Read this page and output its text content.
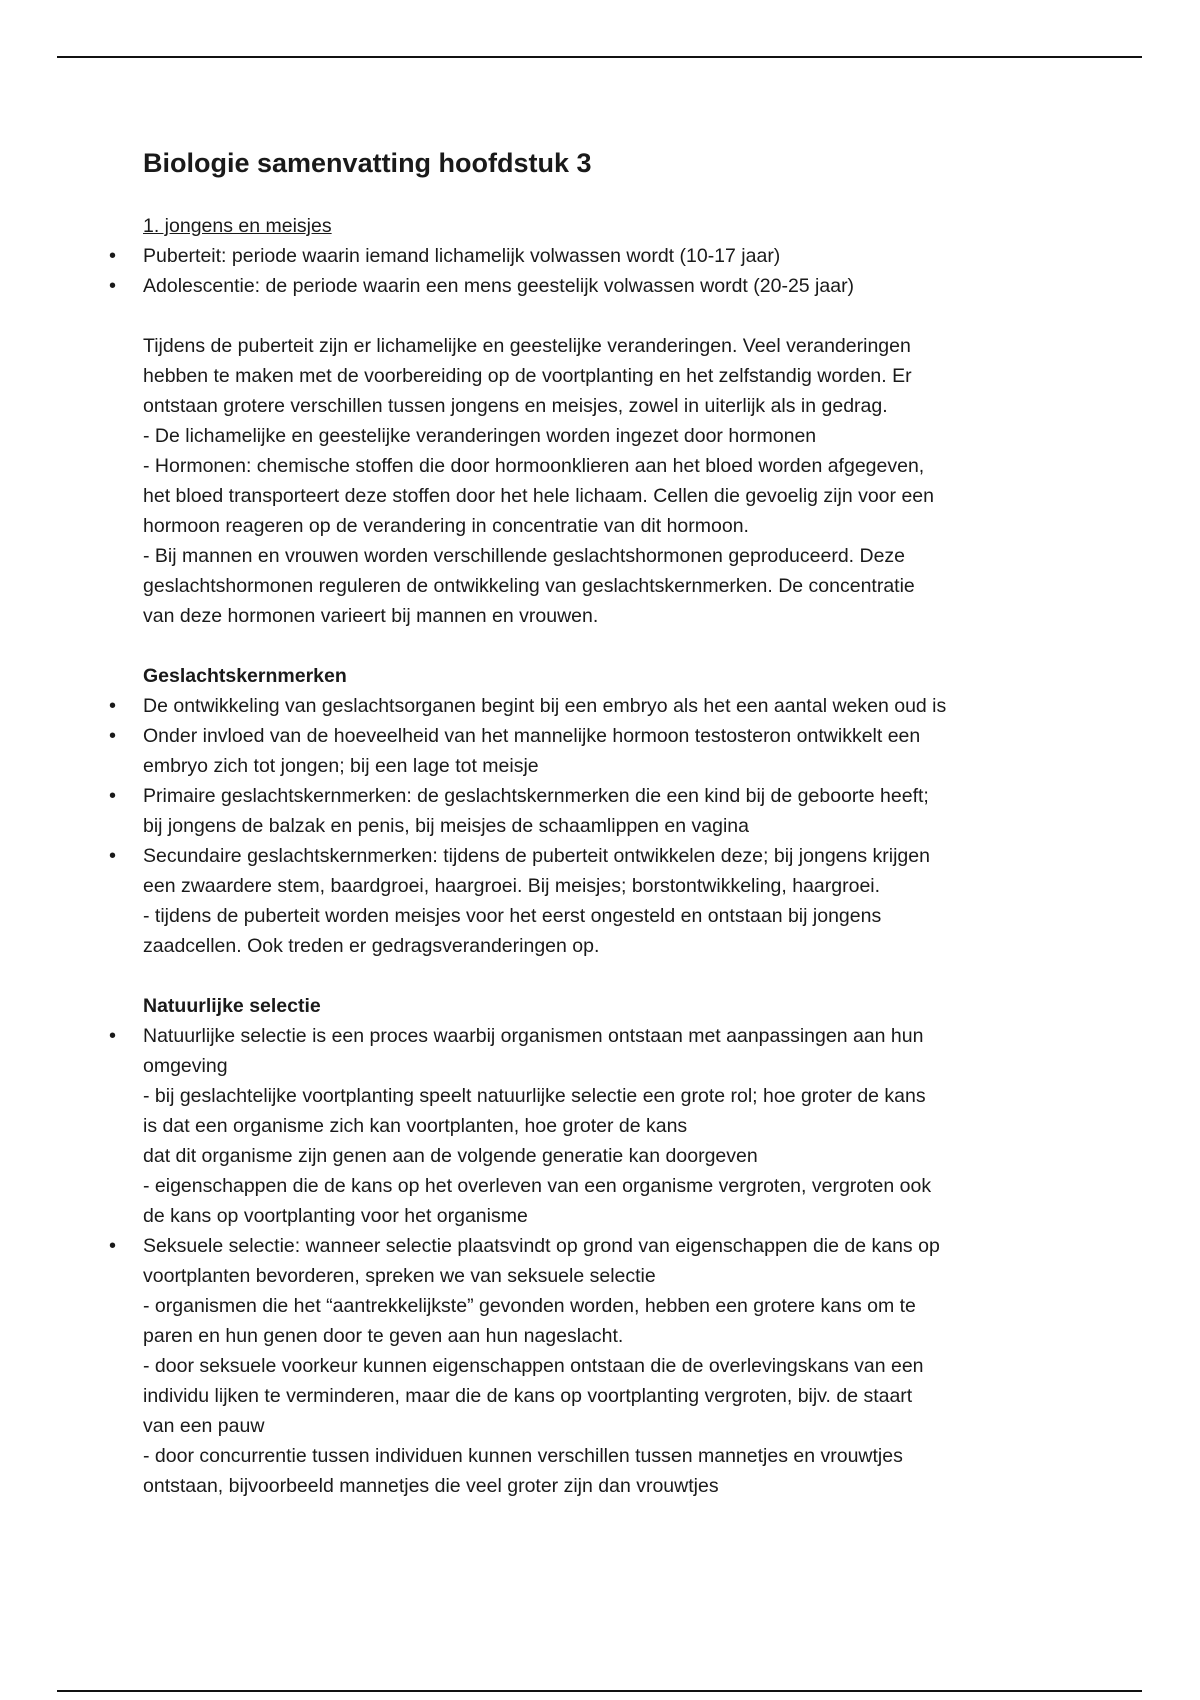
Biologie samenvatting hoofdstuk 3

1. jongens en meisjes

• Puberteit: periode waarin iemand lichamelijk volwassen wordt (10-17 jaar)
• Adolescentie: de periode waarin een mens geestelijk volwassen wordt (20-25 jaar)

Tijdens de puberteit zijn er lichamelijke en geestelijke veranderingen. Veel veranderingen
hebben te maken met de voorbereiding op de voortplanting en het zelfstandig worden. Er
ontstaan grotere verschillen tussen jongens en meisjes, zowel in uiterlijk als in gedrag.
- De lichamelijke en geestelijke veranderingen worden ingezet door hormonen
- Hormonen: chemische stoffen die door hormoonklieren aan het bloed worden afgegeven,
het bloed transporteert deze stoffen door het hele lichaam. Cellen die gevoelig zijn voor een
hormoon reageren op de verandering in concentratie van dit hormoon.
- Bij mannen en vrouwen worden verschillende geslachtshormonen geproduceerd. Deze
geslachtshormonen reguleren de ontwikkeling van geslachtskernmerken. De concentratie
van deze hormonen varieert bij mannen en vrouwen.

Geslachtskernmerken

• De ontwikkeling van geslachtsorganen begint bij een embryo als het een aantal weken oud is
• Onder invloed van de hoeveelheid van het mannelijke hormoon testosteron ontwikkelt een
embryo zich tot jongen; bij een lage tot meisje
• Primaire geslachtskernmerken: de geslachtskernmerken die een kind bij de geboorte heeft;
bij jongens de balzak en penis, bij meisjes de schaamlippen en vagina
• Secundaire geslachtskernmerken: tijdens de puberteit ontwikkelen deze; bij jongens krijgen
een zwaardere stem, baardgroei, haargroei. Bij meisjes; borstontwikkeling, haargroei.
- tijdens de puberteit worden meisjes voor het eerst ongesteld en ontstaan bij jongens
zaadcellen. Ook treden er gedragsveranderingen op.

Natuurlijke selectie

• Natuurlijke selectie is een proces waarbij organismen ontstaan met aanpassingen aan hun
omgeving
- bij geslachtelijke voortplanting speelt natuurlijke selectie een grote rol; hoe groter de kans
is dat een organisme zich kan voortplanten, hoe groter de kans
dat dit organisme zijn genen aan de volgende generatie kan doorgeven
- eigenschappen die de kans op het overleven van een organisme vergroten, vergroten ook
de kans op voortplanting voor het organisme
• Seksuele selectie: wanneer selectie plaatsvindt op grond van eigenschappen die de kans op
voortplanten bevorderen, spreken we van seksuele selectie
- organismen die het “aantrekkelijkste” gevonden worden, hebben een grotere kans om te
paren en hun genen door te geven aan hun nageslacht.
- door seksuele voorkeur kunnen eigenschappen ontstaan die de overlevingskans van een
individu lijken te verminderen, maar die de kans op voortplanting vergroten, bijv. de staart
van een pauw
- door concurrentie tussen individuen kunnen verschillen tussen mannetjes en vrouwtjes
ontstaan, bijvoorbeeld mannetjes die veel groter zijn dan vrouwtjes
